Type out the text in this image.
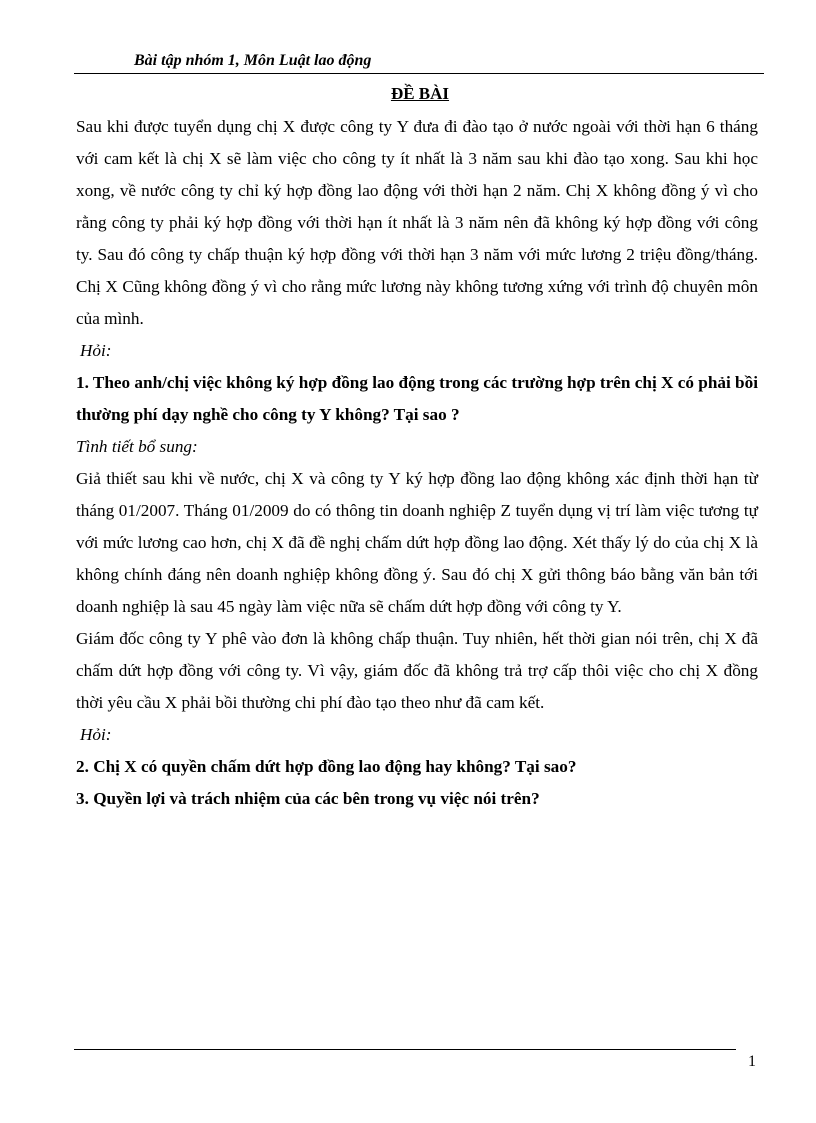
Bài tập nhóm 1, Môn Luật lao động
ĐỀ BÀI

Sau khi được tuyển dụng chị X được công ty Y đưa đi đào tạo ở nước ngoài với thời hạn 6 tháng với cam kết là chị X sẽ làm việc cho công ty ít nhất là 3 năm sau khi đào tạo xong. Sau khi học xong, về nước công ty chỉ ký hợp đồng lao động với thời hạn 2 năm. Chị X không đồng ý vì cho rằng công ty phải ký hợp đồng với thời hạn ít nhất là 3 năm nên đã không ký hợp đồng với công ty. Sau đó công ty chấp thuận ký hợp đồng với thời hạn 3 năm với mức lương 2 triệu đồng/tháng. Chị X Cũng không đồng ý vì cho rằng mức lương này không tương xứng với trình độ chuyên môn của mình.

Hỏi:

1. Theo anh/chị việc không ký hợp đồng lao động trong các trường hợp trên chị X có phải bồi thường phí dạy nghề cho công ty Y không? Tại sao ?

Tình tiết bổ sung:

Giả thiết sau khi về nước, chị X và công ty Y ký hợp đồng lao động không xác định thời hạn từ tháng 01/2007. Tháng 01/2009 do có thông tin doanh nghiệp Z tuyển dụng vị trí làm việc tương tự với mức lương cao hơn, chị X đã đề nghị chấm dứt hợp đồng lao động. Xét thấy lý do của chị X là không chính đáng nên doanh nghiệp không đồng ý. Sau đó chị X gửi thông báo bằng văn bản tới doanh nghiệp là sau 45 ngày làm việc nữa sẽ chấm dứt hợp đồng với công ty Y.

Giám đốc công ty Y phê vào đơn là không chấp thuận. Tuy nhiên, hết thời gian nói trên, chị X đã chấm dứt hợp đồng với công ty. Vì vậy, giám đốc đã không trả trợ cấp thôi việc cho chị X đồng thời yêu cầu X phải bồi thường chi phí đào tạo theo như đã cam kết.

Hỏi:

2. Chị X có quyền chấm dứt hợp đồng lao động hay không? Tại sao?

3. Quyền lợi và trách nhiệm của các bên trong vụ việc nói trên?

1
